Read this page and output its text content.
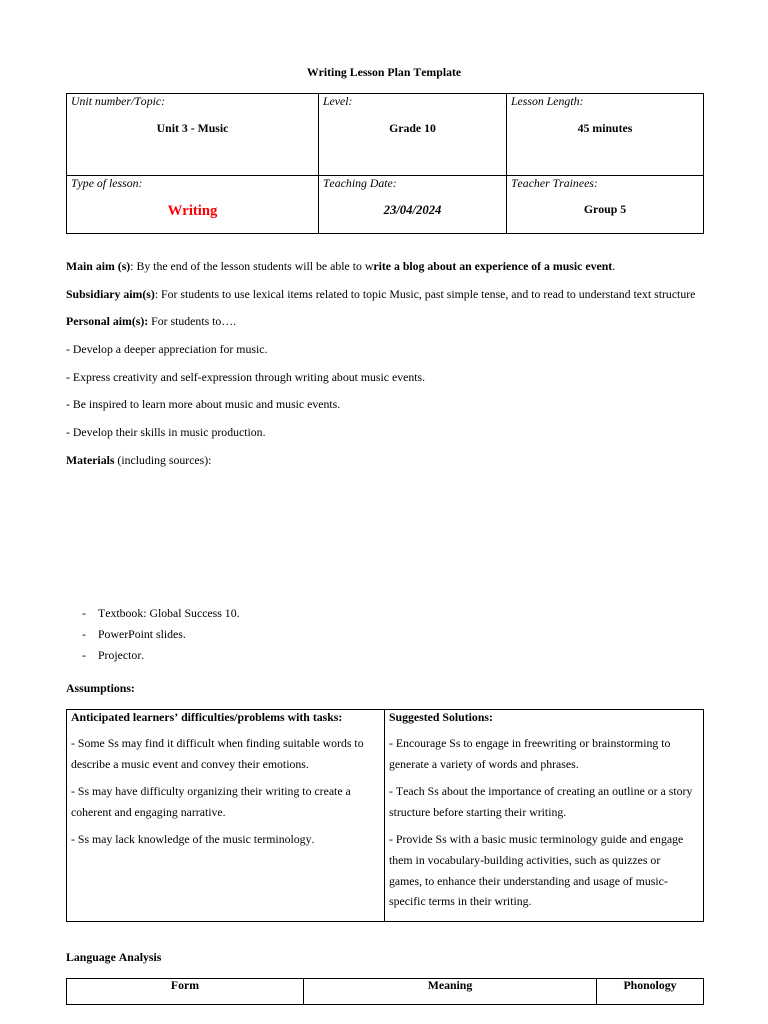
Writing Lesson Plan Template
Unit number/Topic:
Unit 3 - Music
Level:
Grade 10
Lesson Length:
45 minutes
Type of lesson:
Writing
Teaching Date:
23/04/2024
Teacher Trainees:
Group 5

Main aim (s): By the end of the lesson students will be able to write a blog about an experience of a music event.

Subsidiary aim(s): For students to use lexical items related to topic Music, past simple tense, and to read to understand text structure

Personal aim(s): For students to….

- Develop a deeper appreciation for music.

- Express creativity and self-expression through writing about music events.

- Be inspired to learn more about music and music events.

- Develop their skills in music production.

Materials (including sources):

- Textbook: Global Success 10.
- PowerPoint slides.
- Projector.
Assumptions:
Anticipated learners’ difficulties/problems with tasks:

- Some Ss may find it difficult when finding suitable words to describe a music event and convey their emotions.

- Ss may have difficulty organizing their writing to create a coherent and engaging narrative.

- Ss may lack knowledge of the music terminology.

Suggested Solutions:

- Encourage Ss to engage in freewriting or brainstorming to generate a variety of words and phrases.

- Teach Ss about the importance of creating an outline or a story structure before starting their writing.

- Provide Ss with a basic music terminology guide and engage them in vocabulary-building activities, such as quizzes or games, to enhance their understanding and usage of music-specific terms in their writing.

Language Analysis
Form	Meaning	Phonology
